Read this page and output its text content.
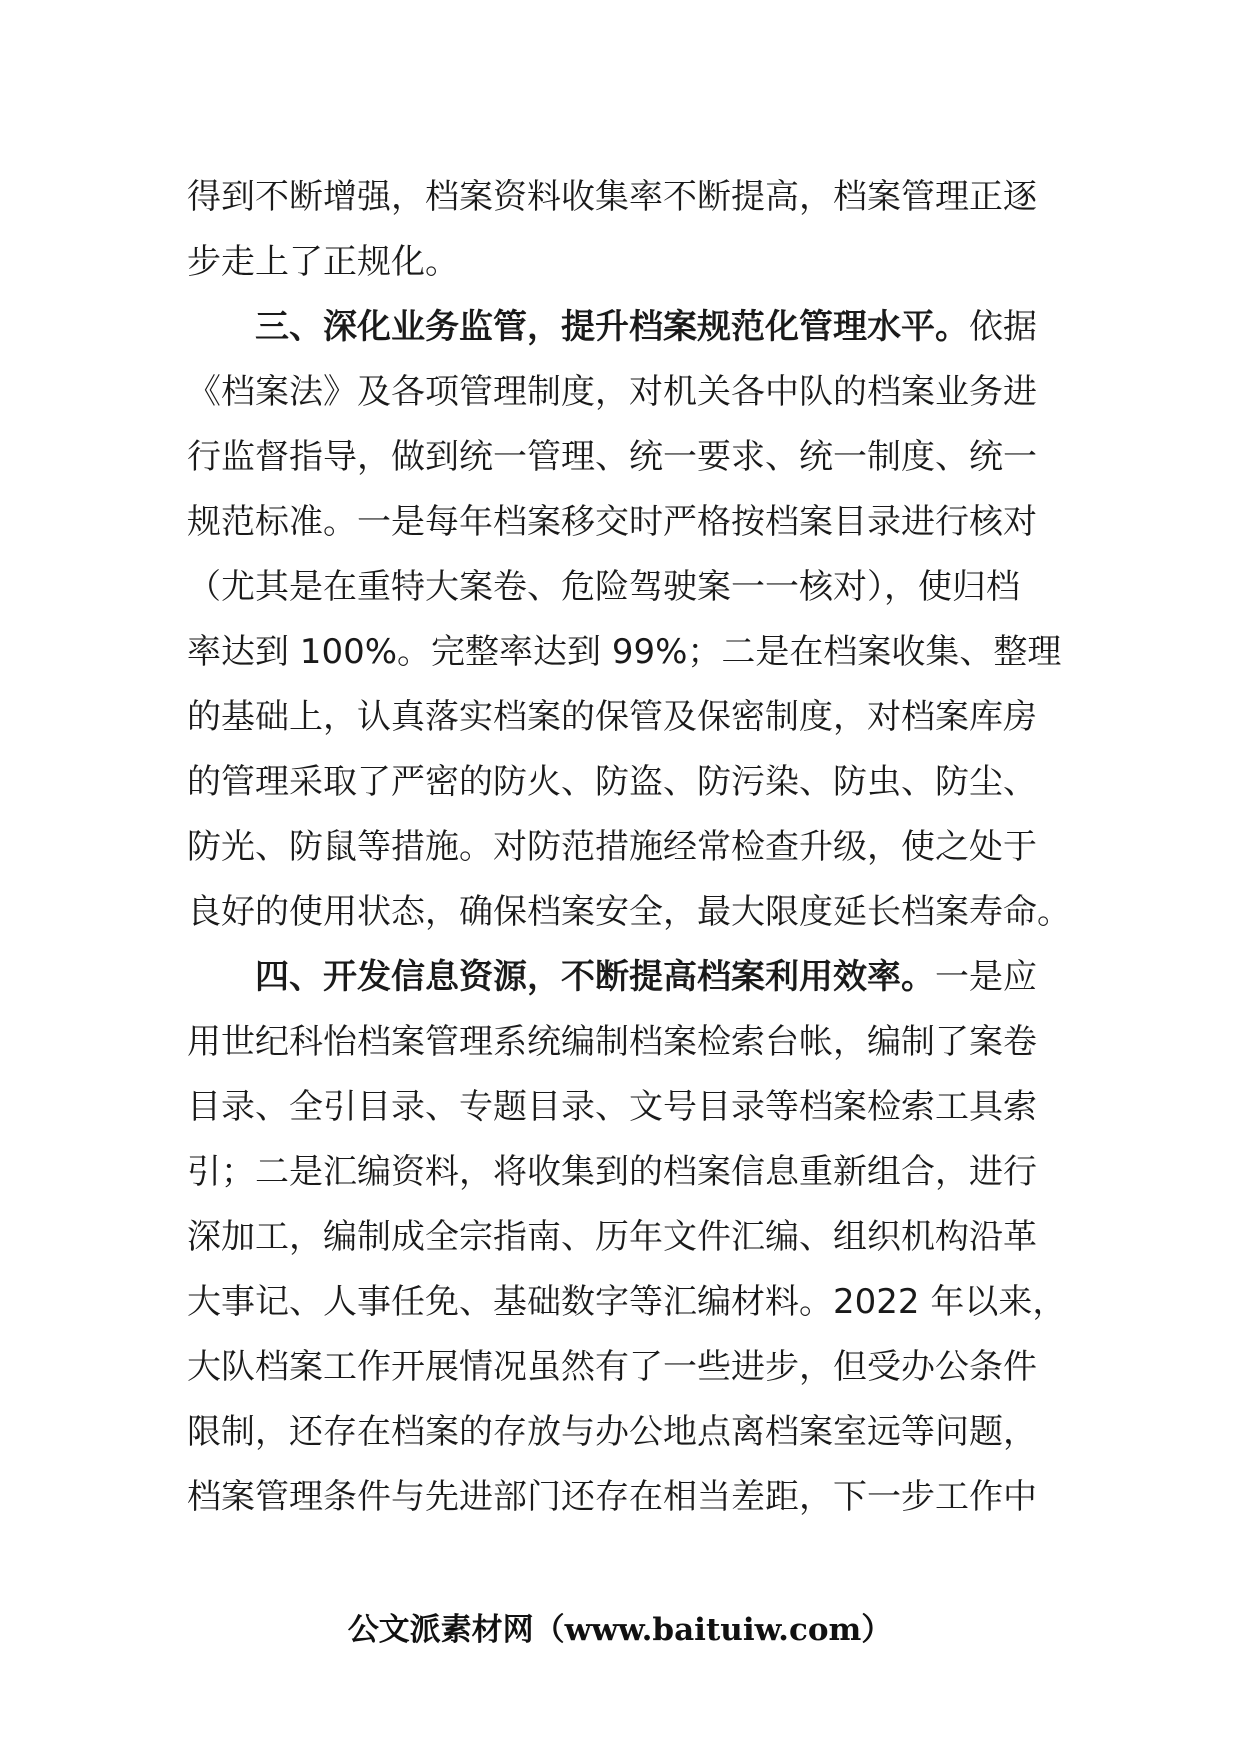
得到不断增强，档案资料收集率不断提高，档案管理正逐
步走上了正规化。
三、深化业务监管，提升档案规范化管理水平。依据
《档案法》及各项管理制度，对机关各中队的档案业务进
行监督指导，做到统一管理、统一要求、统一制度、统一
规范标准。一是每年档案移交时严格按档案目录进行核对
（尤其是在重特大案卷、危险驾驶案一一核对），使归档
率达到 100%。完整率达到 99%；二是在档案收集、整理
的基础上，认真落实档案的保管及保密制度，对档案库房
的管理采取了严密的防火、防盗、防污染、防虫、防尘、
防光、防鼠等措施。对防范措施经常检查升级，使之处于
良好的使用状态，确保档案安全，最大限度延长档案寿命。
四、开发信息资源，不断提高档案利用效率。一是应
用世纪科怡档案管理系统编制档案检索台帐，编制了案卷
目录、全引目录、专题目录、文号目录等档案检索工具索
引；二是汇编资料，将收集到的档案信息重新组合，进行
深加工，编制成全宗指南、历年文件汇编、组织机构沿革
大事记、人事任免、基础数字等汇编材料。2022 年以来，
大队档案工作开展情况虽然有了一些进步，但受办公条件
限制，还存在档案的存放与办公地点离档案室远等问题，
档案管理条件与先进部门还存在相当差距，下一步工作中
公文派素材网（www.baituiw.com）
